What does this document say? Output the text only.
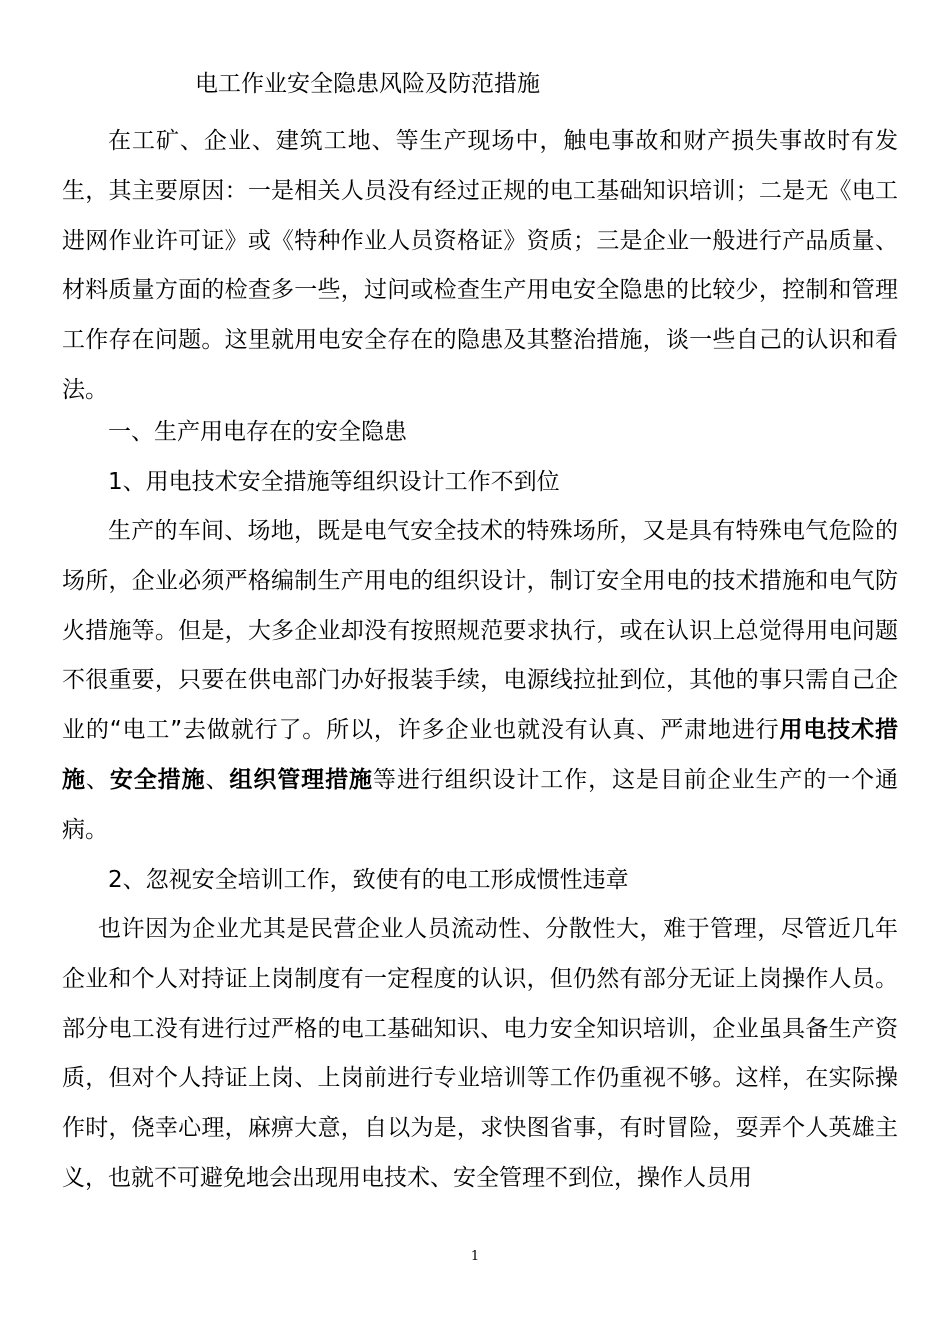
电工作业安全隐患风险及防范措施

在工矿、企业、建筑工地、等生产现场中，触电事故和财产损失事故时有发生，其主要原因：一是相关人员没有经过正规的电工基础知识培训；二是无《电工进网作业许可证》或《特种作业人员资格证》资质；三是企业一般进行产品质量、材料质量方面的检查多一些，过问或检查生产用电安全隐患的比较少，控制和管理工作存在问题。这里就用电安全存在的隐患及其整治措施，谈一些自己的认识和看法。

一、生产用电存在的安全隐患
1、用电技术安全措施等组织设计工作不到位

生产的车间、场地，既是电气安全技术的特殊场所，又是具有特殊电气危险的场所，企业必须严格编制生产用电的组织设计，制订安全用电的技术措施和电气防火措施等。但是，大多企业却没有按照规范要求执行，或在认识上总觉得用电问题不很重要，只要在供电部门办好报装手续，电源线拉扯到位，其他的事只需自己企业的“电工”去做就行了。所以，许多企业也就没有认真、严肃地进行用电技术措施、安全措施、组织管理措施等进行组织设计工作，这是目前企业生产的一个通病。

2、忽视安全培训工作，致使有的电工形成惯性违章

也许因为企业尤其是民营企业人员流动性、分散性大，难于管理，尽管近几年企业和个人对持证上岗制度有一定程度的认识，但仍然有部分无证上岗操作人员。部分电工没有进行过严格的电工基础知识、电力安全知识培训，企业虽具备生产资质，但对个人持证上岗、上岗前进行专业培训等工作仍重视不够。这样，在实际操作时，侥幸心理，麻痹大意，自以为是，求快图省事，有时冒险，耍弄个人英雄主义，也就不可避免地会出现用电技术、安全管理不到位，操作人员用

1
